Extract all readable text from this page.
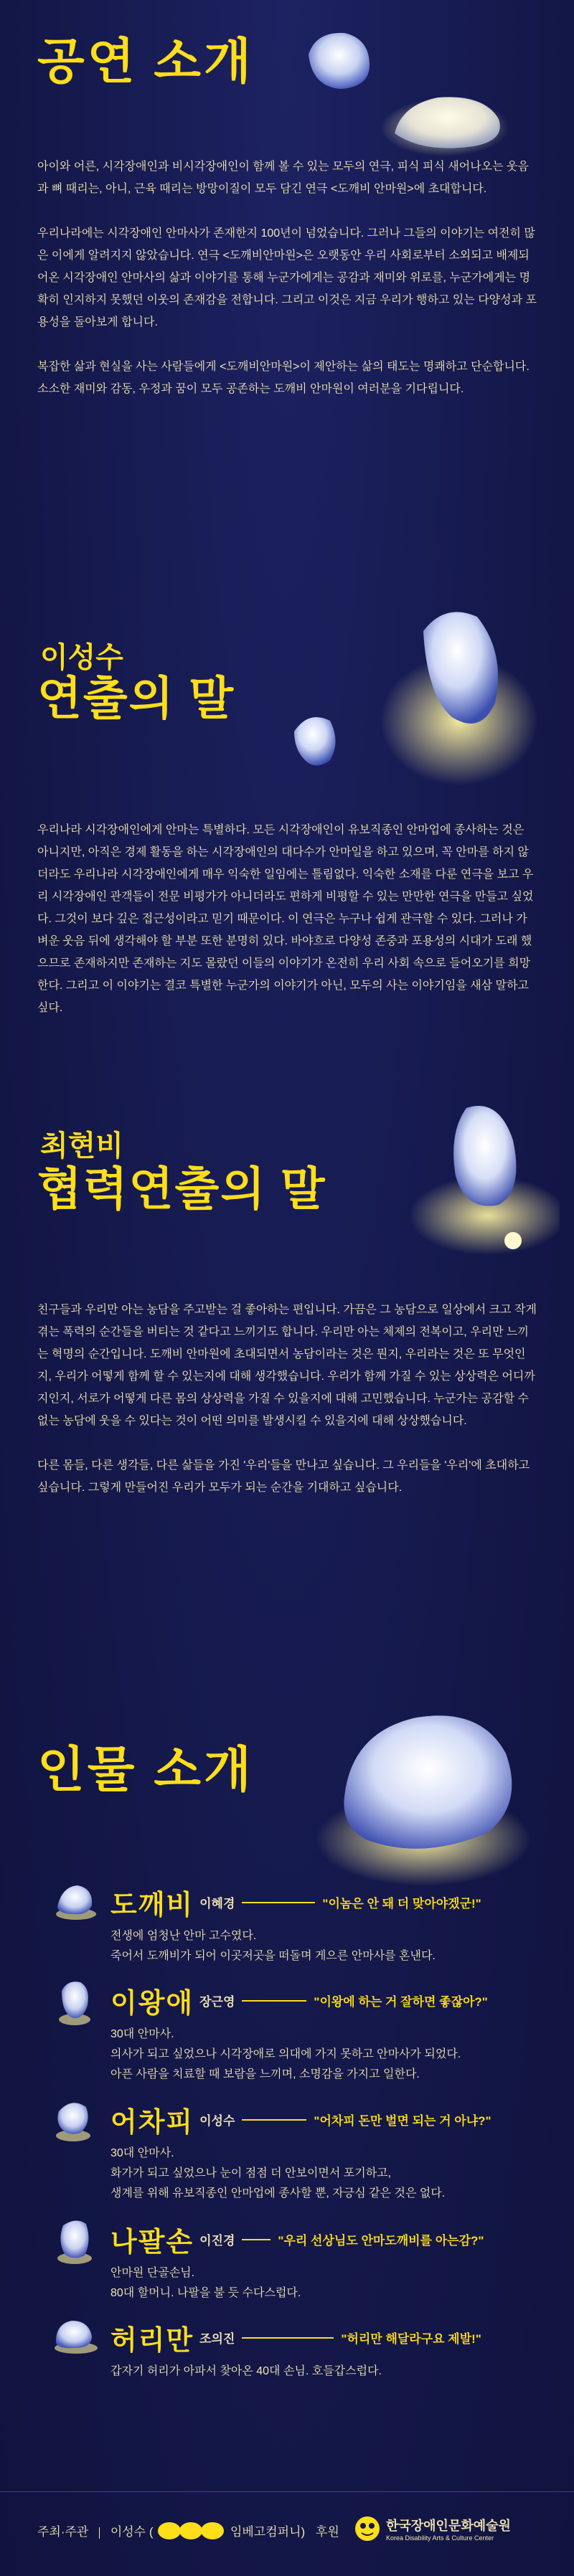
공연 소개

아이와 어른, 시각장애인과 비시각장애인이 함께 볼 수 있는 모두의 연극, 피식 피식 새어나오는 웃음과 뼈 때리는, 아니, 근육 때리는 방망이질이 모두 담긴 연극 <도깨비 안마원>에 초대합니다.

우리나라에는 시각장애인 안마사가 존재한지 100년이 넘었습니다. 그러나 그들의 이야기는 여전히 많은 이에게 알려지지 않았습니다. 연극 <도깨비안마원>은 오랫동안 우리 사회로부터 소외되고 배제되어온 시각장애인 안마사의 삶과 이야기를 통해 누군가에게는 공감과 재미와 위로를, 누군가에게는 명확히 인지하지 못했던 이웃의 존재감을 전합니다. 그리고 이것은 지금 우리가 행하고 있는 다양성과 포용성을 돌아보게 합니다.

복잡한 삶과 현실을 사는 사람들에게 <도깨비안마원>이 제안하는 삶의 태도는 명쾌하고 단순합니다. 소소한 재미와 감동, 우정과 꿈이 모두 공존하는 도깨비 안마원이 여러분을 기다립니다.

이성수
연출의 말

우리나라 시각장애인에게 안마는 특별하다. 모든 시각장애인이 유보직종인 안마업에 종사하는 것은 아니지만, 아직은 경제 활동을 하는 시각장애인의 대다수가 안마일을 하고 있으며, 꼭 안마를 하지 않더라도 우리나라 시각장애인에게 매우 익숙한 일임에는 틀림없다. 익숙한 소재를 다룬 연극을 보고 우리 시각장애인 관객들이 전문 비평가가 아니더라도 편하게 비평할 수 있는 만만한 연극을 만들고 싶었다. 그것이 보다 깊은 접근성이라고 믿기 때문이다. 이 연극은 누구나 쉽게 관극할 수 있다. 그러나 가벼운 웃음 뒤에 생각해야 할 부분 또한 분명히 있다. 바야흐로 다양성 존중과 포용성의 시대가 도래 했으므로 존재하지만 존재하는 지도 몰랐던 이들의 이야기가 온전히 우리 사회 속으로 들어오기를 희망한다. 그리고 이 이야기는 결코 특별한 누군가의 이야기가 아닌, 모두의 사는 이야기임을 새삼 말하고 싶다.

최현비
협력연출의 말

친구들과 우리만 아는 농담을 주고받는 걸 좋아하는 편입니다. 가끔은 그 농담으로 일상에서 크고 작게 겪는 폭력의 순간들을 버티는 것 같다고 느끼기도 합니다. 우리만 아는 체제의 전복이고, 우리만 느끼는 혁명의 순간입니다. 도깨비 안마원에 초대되면서 농담이라는 것은 뭔지, 우리라는 것은 또 무엇인지, 우리가 어떻게 함께 할 수 있는지에 대해 생각했습니다. 우리가 함께 가질 수 있는 상상력은 어디까지인지, 서로가 어떻게 다른 몸의 상상력을 가질 수 있을지에 대해 고민했습니다. 누군가는 공감할 수 없는 농담에 웃을 수 있다는 것이 어떤 의미를 발생시킬 수 있을지에 대해 상상했습니다.

다른 몸들, 다른 생각들, 다른 삶들을 가진 '우리'들을 만나고 싶습니다. 그 우리들을 '우리'에 초대하고 싶습니다. 그렇게 만들어진 우리가 모두가 되는 순간을 기대하고 싶습니다.

인물 소개
도깨비 이혜경	"이놈은 안 돼 더 맞아야겠군!"
전생에 엄청난 안마 고수였다.
죽어서 도깨비가 되어 이곳저곳을 떠돌며 게으른 안마사를 혼낸다.
이왕애 장근영	"이왕에 하는 거 잘하면 좋잖아?"
30대 안마사.
의사가 되고 싶었으나 시각장애로 의대에 가지 못하고 안마사가 되었다.
아픈 사람을 치료할 때 보람을 느끼며, 소명감을 가지고 일한다.
어차피 이성수	"어차피 돈만 벌면 되는 거 아냐?"
30대 안마사.
화가가 되고 싶었으나 눈이 점점 더 안보이면서 포기하고,
생계를 위해 유보직종인 안마업에 종사할 뿐, 자긍심 같은 것은 없다.
나팔손 이진경	"우리 선상님도 안마도깨비를 아는감?"
안마원 단골손님.
80대 할머니. 나팔을 불 듯 수다스럽다.
허리만 조의진	"허리만 해달라구요 제발!"
갑자기 허리가 아파서 찾아온 40대 손님. 호들갑스럽다.
주최·주관 이성수 (	임베고컴퍼니) 후원	한국장애인문화예술원
Korea Disability Arts & Culture Center
